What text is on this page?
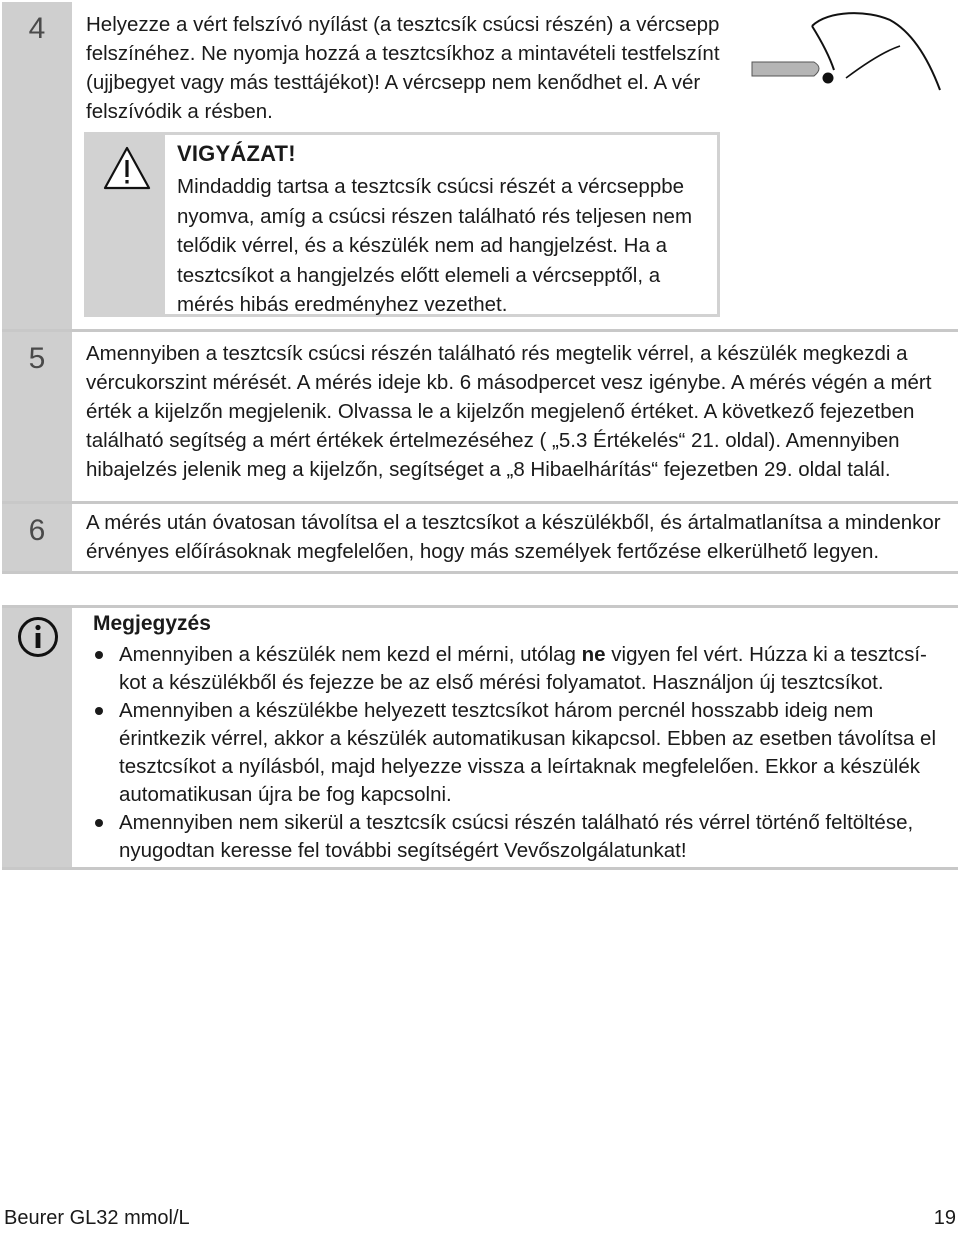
4	Helyezze a vért felszívó nyílást (a tesztcsík csúcsi részén) a vércsepp felszínéhez. Ne nyomja hozzá a tesztcsíkhoz a mintavételi testfelszínt (ujjbegyet vagy más testtájékot)! A vércsepp nem kenődhet el. A vér felszívódik a résben.

VIGYÁZAT!
Mindaddig tartsa a tesztcsík csúcsi részét a vércseppbe nyomva, amíg a csúcsi részen található rés teljesen nem telődik vérrel, és a készülék nem ad hangjelzést. Ha a tesztcsíkot a hangjelzés előtt elemeli a vércsepptől, a mérés hibás eredményhez vezethet.
5	Amennyiben a tesztcsík csúcsi részén található rés megtelik vérrel, a készülék megkezdi a vércukorszint mérését. A mérés ideje kb. 6 másodpercet vesz igénybe. A mérés végén a mért érték a kijelzőn megjelenik. Olvassa le a kijelzőn megjelenő értéket. A következő fejezetben található segítség a mért értékek értelmezéséhez ( „5.3 Értékelés“ 21. oldal). Amennyiben hibajelzés jelenik meg a kijelzőn, segítséget a „8 Hibaelhárítás“ fejezetben 29. oldal talál.

6	A mérés után óvatosan távolítsa el a tesztcsíkot a készülékből, és ártalmatlanítsa a mindenkor érvényes előírásoknak megfelelően, hogy más személyek fertőzése elkerülhető legyen.

Megjegyzés
Amennyiben a készülék nem kezd el mérni, utólag ne vigyen fel vért. Húzza ki a tesztcsíkot a készülékből és fejezze be az első mérési folyamatot. Használjon új tesztcsíkot.
Amennyiben a készülékbe helyezett tesztcsíkot három percnél hosszabb ideig nem érintkezik vérrel, akkor a készülék automatikusan kikapcsol. Ebben az esetben távolítsa el tesztcsíkot a nyílásból, majd helyezze vissza a leírtaknak megfelelően. Ekkor a készülék automatikusan újra be fog kapcsolni.
Amennyiben nem sikerül a tesztcsík csúcsi részén található rés vérrel történő feltöltése, nyugodtan keresse fel további segítségért Vevőszolgálatunkat!
Beurer GL32 mmol/L	19
